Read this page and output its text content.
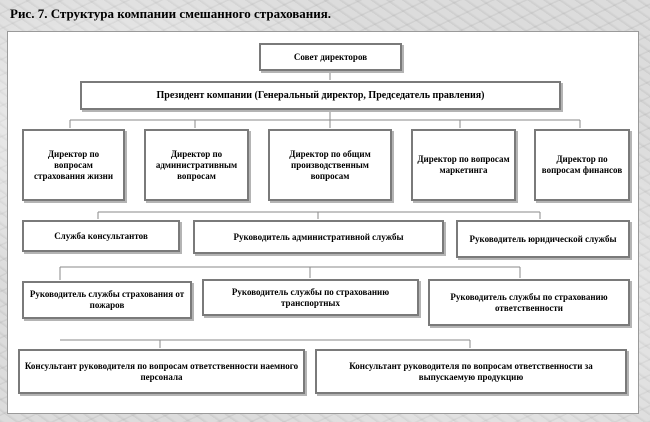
Рис. 7. Структура компании смешанного страхования.
Совет директоров
Президент компании (Генеральный директор, Председатель правления)
Директор по вопросам страхования жизни
Директор по административным вопросам
Директор по общим производственным вопросам
Директор по вопросам маркетинга
Директор по вопросам финансов
Служба консультантов	Руководитель административной службы	Руководитель юридической службы
Руководитель службы страхования от пожаров
Руководитель службы по страхованию транспортных
Руководитель службы по страхованию ответственности
Консультант руководителя по вопросам ответственности наемного персонала
Консультант руководителя по вопросам ответственности за выпускаемую продукцию
